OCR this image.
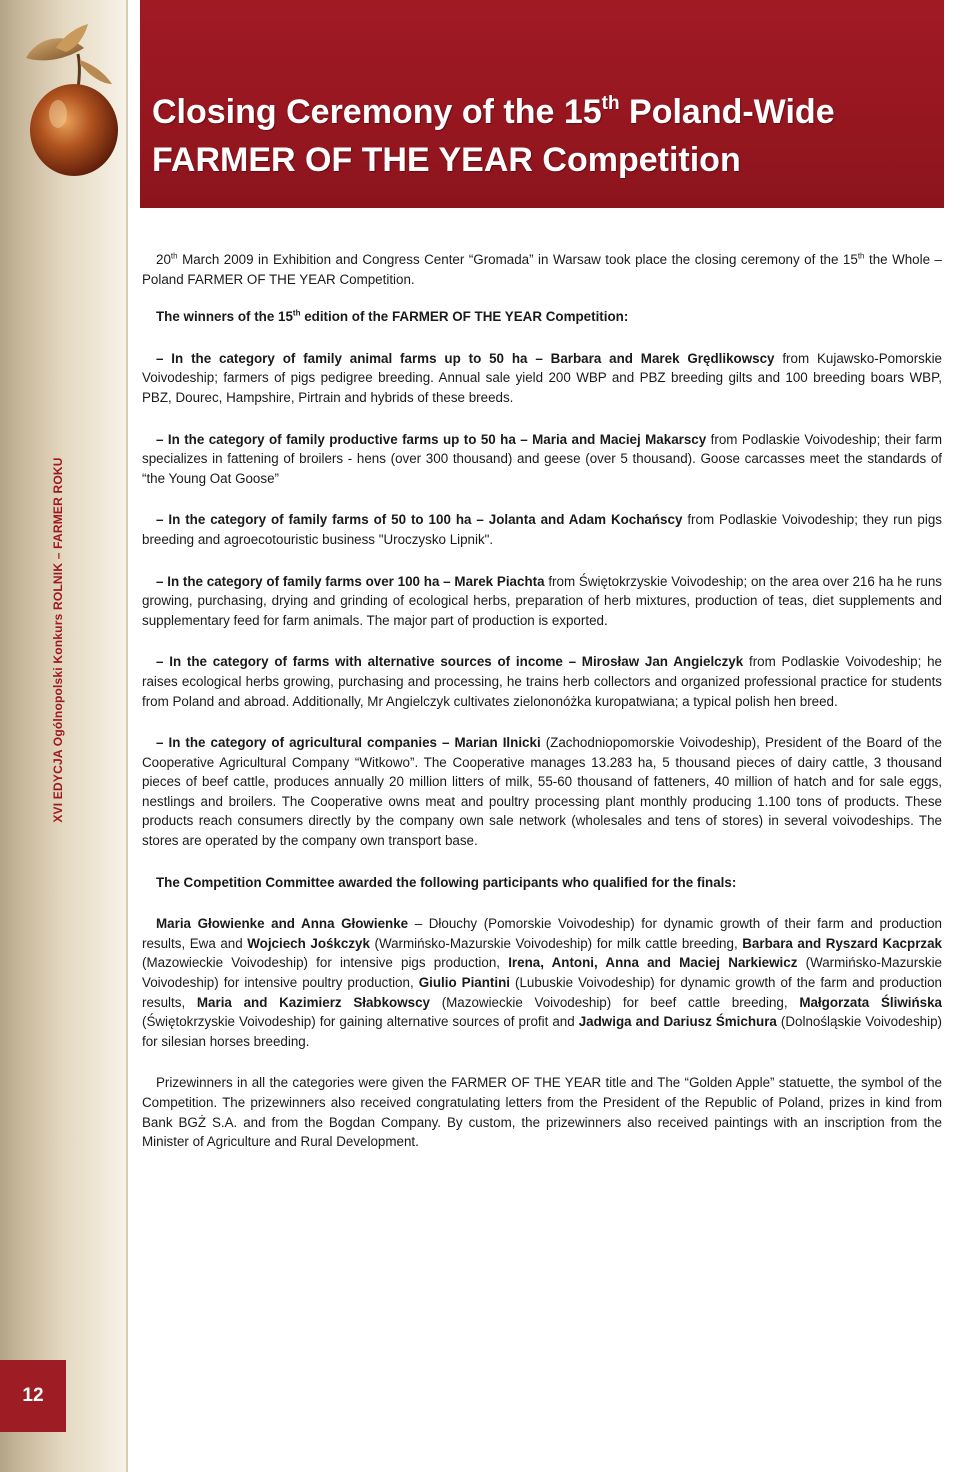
XVI EDYCJA Ogólnopolski Konkurs ROLNIK – FARMER ROKU
12
Closing Ceremony of the 15th Poland-Wide
FARMER OF THE YEAR Competition

20th March 2009 in Exhibition and Congress Center “Gromada” in Warsaw took place the closing ceremony of the 15th the Whole – Poland FARMER OF THE YEAR Competition.

The winners of the 15th edition of the FARMER OF THE YEAR Competition:

– In the category of family animal farms up to 50 ha – Barbara and Marek Grędlikowscy from Kujawsko-Pomorskie Voivodeship; farmers of pigs pedigree breeding. Annual sale yield 200 WBP and PBZ breeding gilts and 100 breeding boars WBP, PBZ, Dourec, Hampshire, Pirtrain and hybrids of these breeds.

– In the category of family productive farms up to 50 ha – Maria and Maciej Makarscy from Podlaskie Voivodeship; their farm specializes in fattening of broilers - hens (over 300 thousand) and geese (over 5 thousand). Goose carcasses meet the standards of “the Young Oat Goose”

– In the category of family farms of 50 to 100 ha – Jolanta and Adam Kochańscy from Podlaskie Voivodeship; they run pigs breeding and agroecotouristic business "Uroczysko Lipnik".

– In the category of family farms over 100 ha – Marek Piachta from Świętokrzyskie Voivodeship; on the area over 216 ha he runs growing, purchasing, drying and grinding of ecological herbs, preparation of herb mixtures, production of teas, diet supplements and supplementary feed for farm animals. The major part of production is exported.

– In the category of farms with alternative sources of income – Mirosław Jan Angielczyk from Podlaskie Voivodeship; he raises ecological herbs growing, purchasing and processing, he trains herb collectors and organized professional practice for students from Poland and abroad. Additionally, Mr Angielczyk cultivates zielononóżka kuropatwiana; a typical polish hen breed.

– In the category of agricultural companies – Marian Ilnicki (Zachodniopomorskie Voivodeship), President of the Board of the Cooperative Agricultural Company “Witkowo”. The Cooperative manages 13.283 ha, 5 thousand pieces of dairy cattle, 3 thousand pieces of beef cattle, produces annually 20 million litters of milk, 55-60 thousand of fatteners, 40 million of hatch and for sale eggs, nestlings and broilers. The Cooperative owns meat and poultry processing plant monthly producing 1.100 tons of products. These products reach consumers directly by the company own sale network (wholesales and tens of stores) in several voivodeships. The stores are operated by the company own transport base.

The Competition Committee awarded the following participants who qualified for the finals:

Maria Głowienke and Anna Głowienke – Dłouchy (Pomorskie Voivodeship) for dynamic growth of their farm and production results, Ewa and Wojciech Jośkczyk (Warmińsko-Mazurskie Voivodeship) for milk cattle breeding, Barbara and Ryszard Kacprzak (Mazowieckie Voivodeship) for intensive pigs production, Irena, Antoni, Anna and Maciej Narkiewicz (Warmińsko-Mazurskie Voivodeship) for intensive poultry production, Giulio Piantini (Lubuskie Voivodeship) for dynamic growth of the farm and production results, Maria and Kazimierz Słabkowscy (Mazowieckie Voivodeship) for beef cattle breeding, Małgorzata Śliwińska (Świętokrzyskie Voivodeship) for gaining alternative sources of profit and Jadwiga and Dariusz Śmichura (Dolnośląskie Voivodeship) for silesian horses breeding.

Prizewinners in all the categories were given the FARMER OF THE YEAR title and The “Golden Apple” statuette, the symbol of the Competition. The prizewinners also received congratulating letters from the President of the Republic of Poland, prizes in kind from Bank BGŻ S.A. and from the Bogdan Company. By custom, the prizewinners also received paintings with an inscription from the Minister of Agriculture and Rural Development.
